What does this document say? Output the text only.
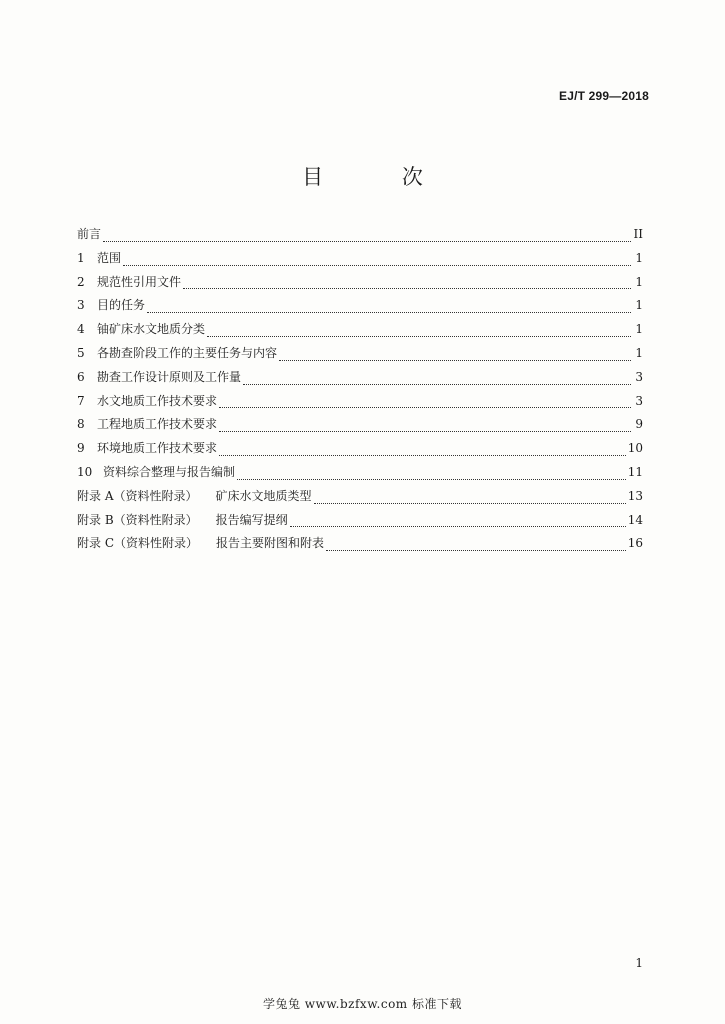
EJ/T 299—2018
目 次
前言	II
1	范围	1
2	规范性引用文件	1
3	目的任务	1
4	铀矿床水文地质分类	1
5	各勘查阶段工作的主要任务与内容	1
6	勘查工作设计原则及工作量	3
7	水文地质工作技术要求	3
8	工程地质工作技术要求	9
9	环境地质工作技术要求	10
10 资料综合整理与报告编制	11
附录 A（资料性附录） 矿床水文地质类型	13
附录 B（资料性附录） 报告编写提纲	14
附录 C（资料性附录） 报告主要附图和附表	16
1
学兔兔 www.bzfxw.com 标准下载
